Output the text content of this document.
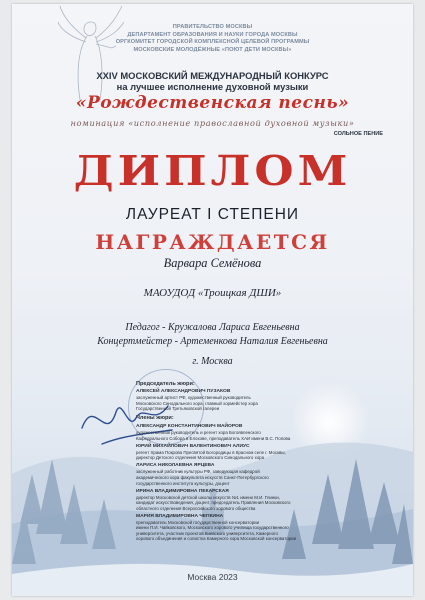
ПРАВИТЕЛЬСТВО МОСКВЫ
ДЕПАРТАМЕНТ ОБРАЗОВАНИЯ И НАУКИ ГОРОДА МОСКВЫ
ОРГКОМИТЕТ ГОРОДСКОЙ КОМПЛЕКСНОЙ ЦЕЛЕВОЙ ПРОГРАММЫ
МОСКОВСКИЕ МОЛОДЁЖНЫЕ «ПОЮТ ДЕТИ МОСКВЫ»
XXIV МОСКОВСКИЙ МЕЖДУНАРОДНЫЙ КОНКУРС
на лучшее исполнение духовной музыки
«Рождественская песнь»
номинация «исполнение православной духовной музыки»
СОЛЬНОЕ ПЕНИЕ
ДИПЛОМ
ЛАУРЕАТ I СТЕПЕНИ
НАГРАЖДАЕТСЯ
Варвара Семёнова
МАОУДОД «Троицкая ДШИ»
Педагог - Кружалова Лариса Евгеньевна
Концертмейстер - Артеменкова Наталия Евгеньевна
г. Москва
Председатель жюри:
АЛЕКСЕЙ АЛЕКСАНДРОВИЧ ПУЗАКОВ
заслуженный артист РФ, художественный руководитель
Московского Синодального хора, главный хормейстер хора
Государственной Третьяковской галереи
Члены жюри:
АЛЕКСАНДР КОНСТАНТИНОВИЧ МАЙОРОВ
художественный руководитель и регент хора Богоявленского
Кафедрального Собора в Елохове, преподаватель ХАИ имени В.С. Попова
ЮРИЙ МИХАЙЛОВИЧ ВАЛЕНТИНОВИЧ АЛИУС
регент Храма Покрова Пресвятой Богородицы в Красном селе г. Москвы,
директор Детского отделения Московского Синодального хора
ЛАРИСА НИКОЛАЕВНА ЯРЦЕВА
заслуженный работник культуры РФ, заведующая кафедрой
академического хора факультета искусств Санкт-Петербургского
государственного института культуры, доцент
ИРИНА ВЛАДИМИРОВНА ПЕКАРСКАЯ
директор Московской детской школы искусств №1 имени М.И. Глинки,
кандидат искусствоведения, доцент, председатель Правления Московского
областного отделения Всероссийского хорового общества
МАРИЯ ВЛАДИМИРОВНА ЧЕПКИНА
преподаватель Московской государственной консерватории
имени П.И. Чайковского, Московского хорового училища государственного
университета, участник проектов Киевского университета, Камерного
хорового объединения и солистка Камерного хора Московской консерватории
Москва 2023
